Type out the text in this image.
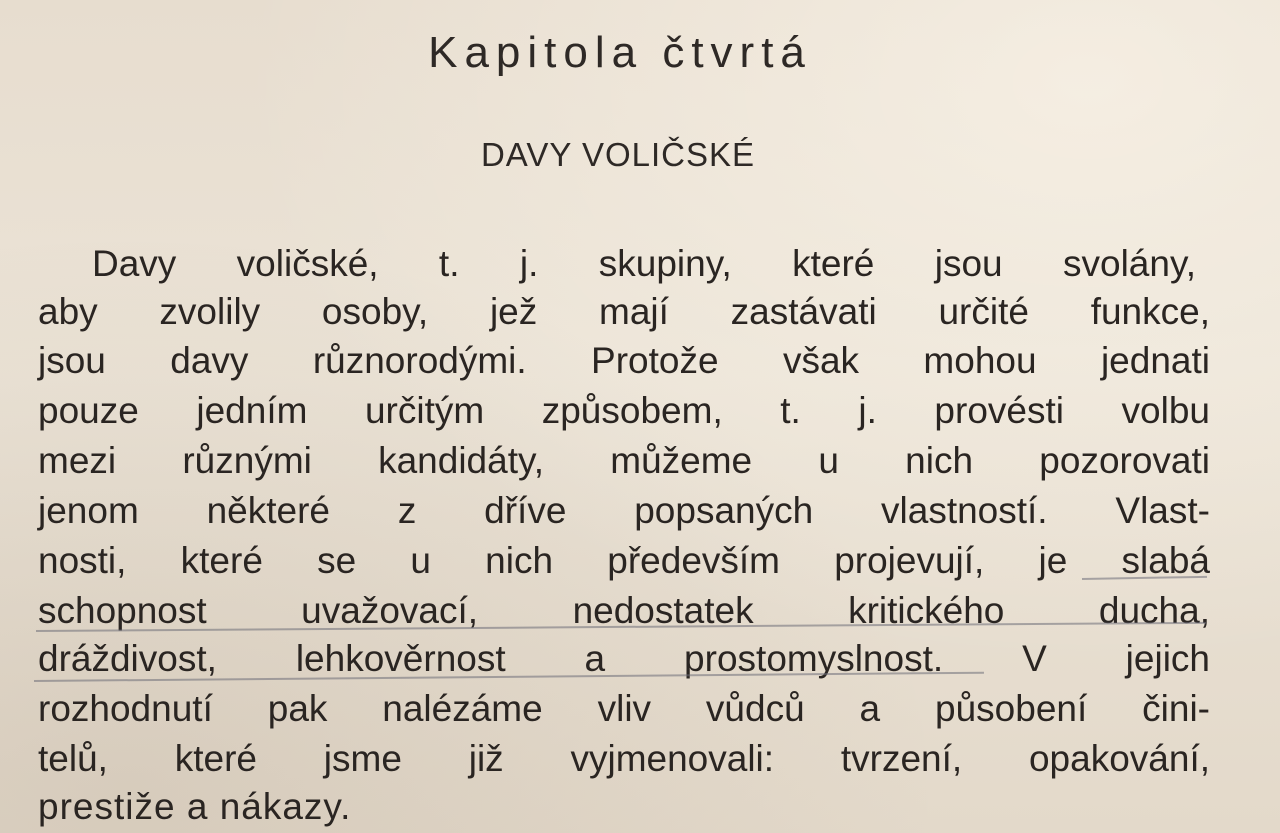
Kapitola čtvrtá
DAVY VOLIČSKÉ
Davy voličské, t. j. skupiny, které jsou svolány,
aby zvolily osoby, jež mají zastávati určité funkce,
jsou davy různorodými. Protože však mohou jednati
pouze jedním určitým způsobem, t. j. provésti volbu
mezi různými kandidáty, můžeme u nich pozorovati
jenom některé z dříve popsaných vlastností. Vlast-
nosti, které se u nich především projevují, je slabá
schopnost uvažovací, nedostatek kritického ducha,
dráždivost, lehkověrnost a prostomyslnost. V jejich
rozhodnutí pak nalézáme vliv vůdců a působení čini-
telů, které jsme již vyjmenovali: tvrzení, opakování,
prestiže a nákazy.
